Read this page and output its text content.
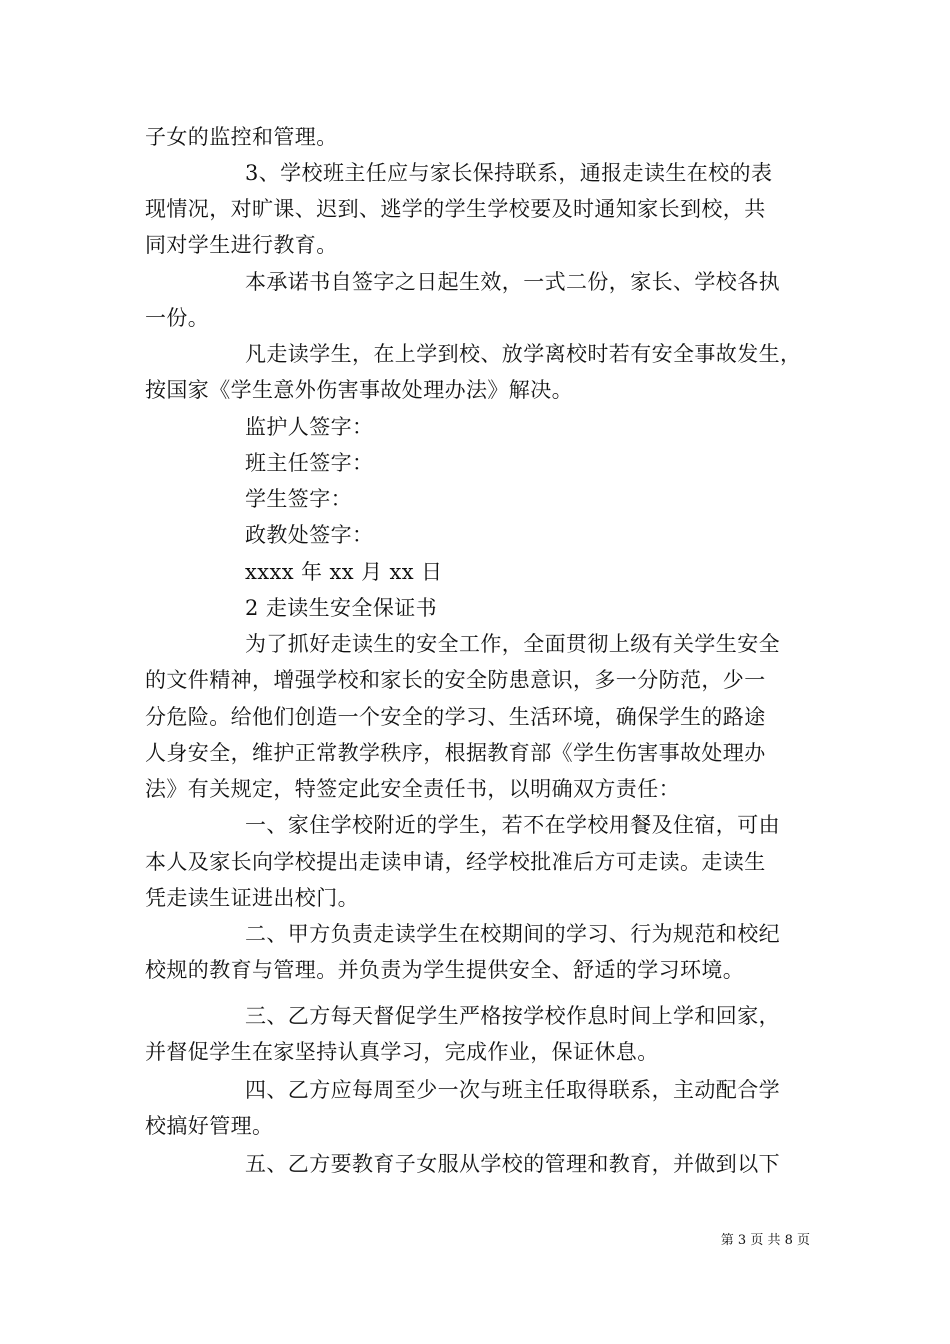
子女的监控和管理。
3、学校班主任应与家长保持联系，通报走读生在校的表
现情况，对旷课、迟到、逃学的学生学校要及时通知家长到校，共
同对学生进行教育。
本承诺书自签字之日起生效，一式二份，家长、学校各执
一份。
凡走读学生，在上学到校、放学离校时若有安全事故发生，
按国家《学生意外伤害事故处理办法》解决。
监护人签字：
班主任签字：
学生签字：
政教处签字：
xxxx 年 xx 月 xx 日
2 走读生安全保证书
为了抓好走读生的安全工作，全面贯彻上级有关学生安全
的文件精神，增强学校和家长的安全防患意识，多一分防范，少一
分危险。给他们创造一个安全的学习、生活环境，确保学生的路途
人身安全，维护正常教学秩序，根据教育部《学生伤害事故处理办
法》有关规定，特签定此安全责任书，以明确双方责任：
一、家住学校附近的学生，若不在学校用餐及住宿，可由
本人及家长向学校提出走读申请，经学校批准后方可走读。走读生
凭走读生证进出校门。
二、甲方负责走读学生在校期间的学习、行为规范和校纪
校规的教育与管理。并负责为学生提供安全、舒适的学习环境。
三、乙方每天督促学生严格按学校作息时间上学和回家，
并督促学生在家坚持认真学习，完成作业，保证休息。
四、乙方应每周至少一次与班主任取得联系，主动配合学
校搞好管理。
五、乙方要教育子女服从学校的管理和教育，并做到以下
第 3 页 共 8 页
